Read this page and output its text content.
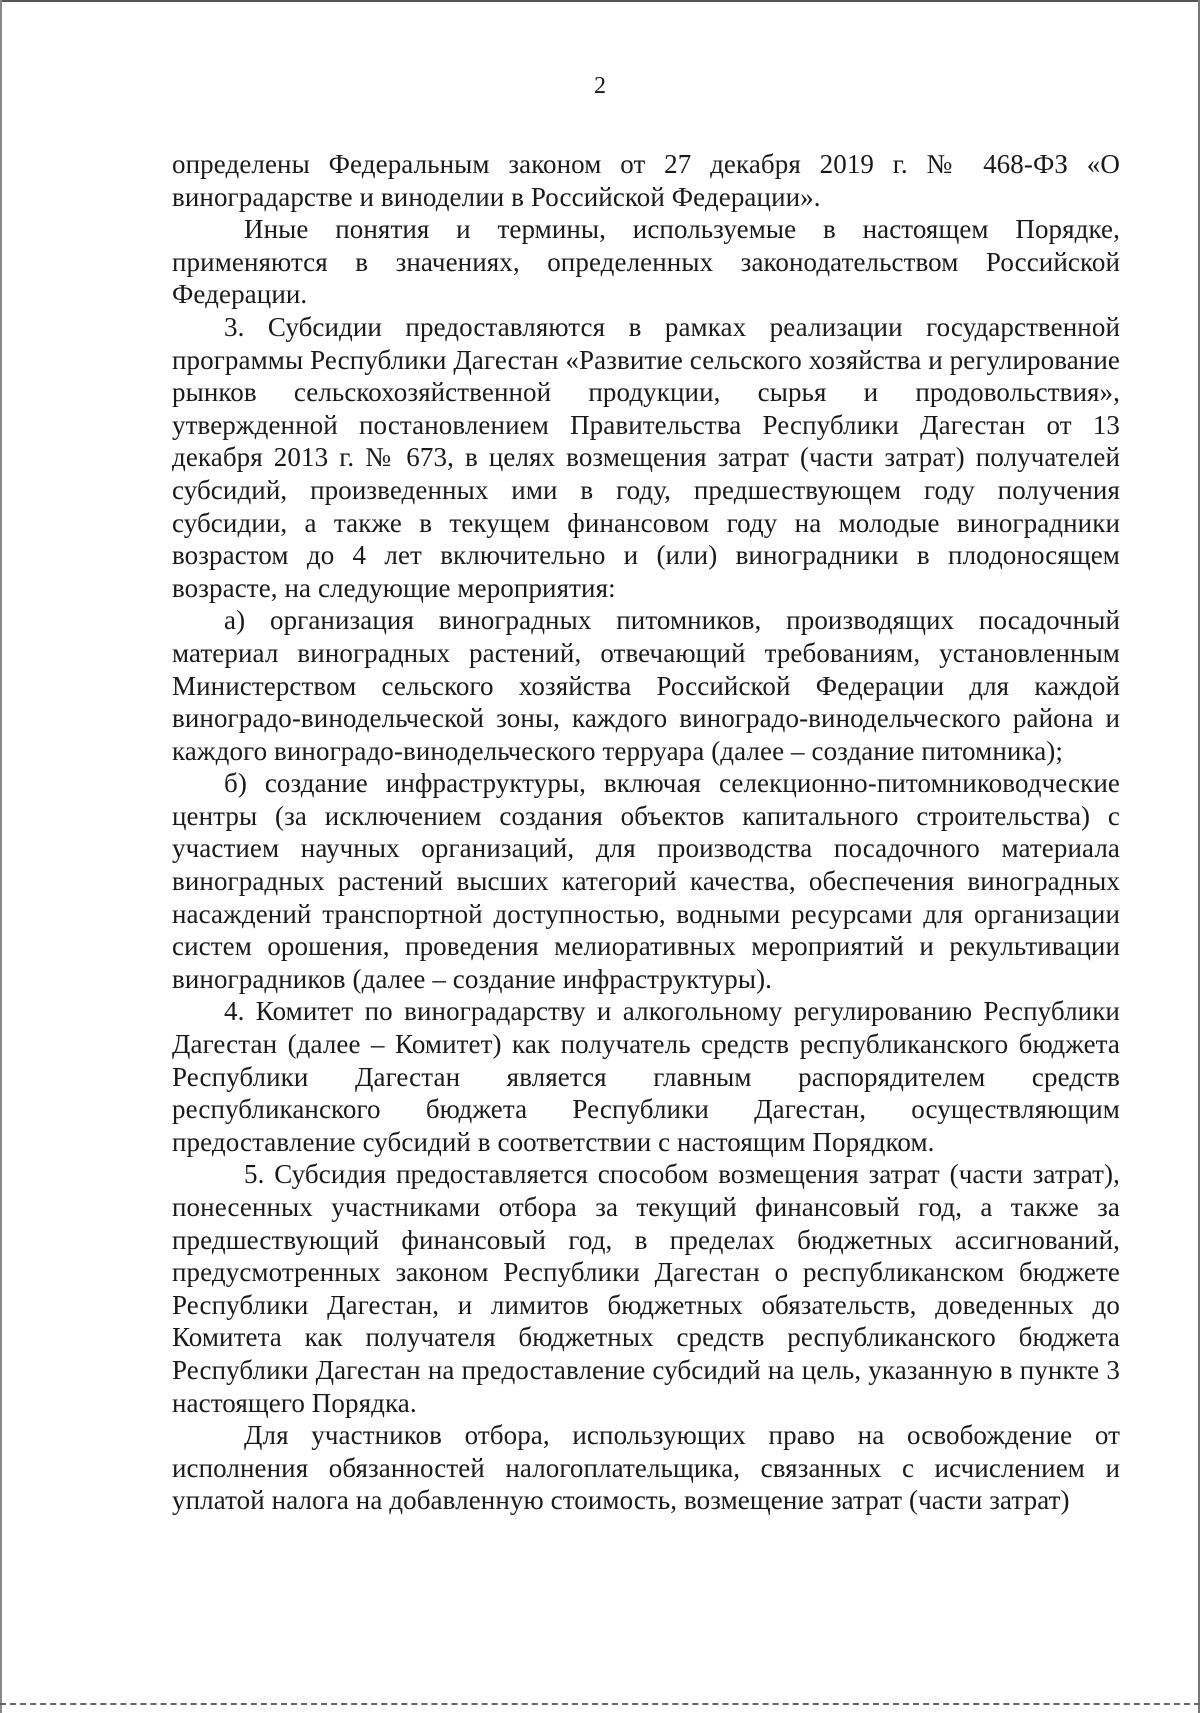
2

определены Федеральным законом от 27 декабря 2019 г. № 468-ФЗ «О виноградарстве и виноделии в Российской Федерации».

Иные понятия и термины, используемые в настоящем Порядке, применяются в значениях, определенных законодательством Российской Федерации.

3. Субсидии предоставляются в рамках реализации государственной программы Республики Дагестан «Развитие сельского хозяйства и регулирование рынков сельскохозяйственной продукции, сырья и продовольствия», утвержденной постановлением Правительства Республики Дагестан от 13 декабря 2013 г. № 673, в целях возмещения затрат (части затрат) получателей субсидий, произведенных ими в году, предшествующем году получения субсидии, а также в текущем финансовом году на молодые виноградники возрастом до 4 лет включительно и (или) виноградники в плодоносящем возрасте, на следующие мероприятия:

а) организация виноградных питомников, производящих посадочный материал виноградных растений, отвечающий требованиям, установленным Министерством сельского хозяйства Российской Федерации для каждой виноградо-винодельческой зоны, каждого виноградо-винодельческого района и каждого виноградо-винодельческого терруара (далее – создание питомника);

б) создание инфраструктуры, включая селекционно-питомниководческие центры (за исключением создания объектов капитального строительства) с участием научных организаций, для производства посадочного материала виноградных растений высших категорий качества, обеспечения виноградных насаждений транспортной доступностью, водными ресурсами для организации систем орошения, проведения мелиоративных мероприятий и рекультивации виноградников (далее – создание инфраструктуры).

4. Комитет по виноградарству и алкогольному регулированию Республики Дагестан (далее – Комитет) как получатель средств республиканского бюджета Республики Дагестан является главным распорядителем средств республиканского бюджета Республики Дагестан, осуществляющим предоставление субсидий в соответствии с настоящим Порядком.

5. Субсидия предоставляется способом возмещения затрат (части затрат), понесенных участниками отбора за текущий финансовый год, а также за предшествующий финансовый год, в пределах бюджетных ассигнований, предусмотренных законом Республики Дагестан о республиканском бюджете Республики Дагестан, и лимитов бюджетных обязательств, доведенных до Комитета как получателя бюджетных средств республиканского бюджета Республики Дагестан на предоставление субсидий на цель, указанную в пункте 3 настоящего Порядка.

Для участников отбора, использующих право на освобождение от исполнения обязанностей налогоплательщика, связанных с исчислением и уплатой налога на добавленную стоимость, возмещение затрат (части затрат)
